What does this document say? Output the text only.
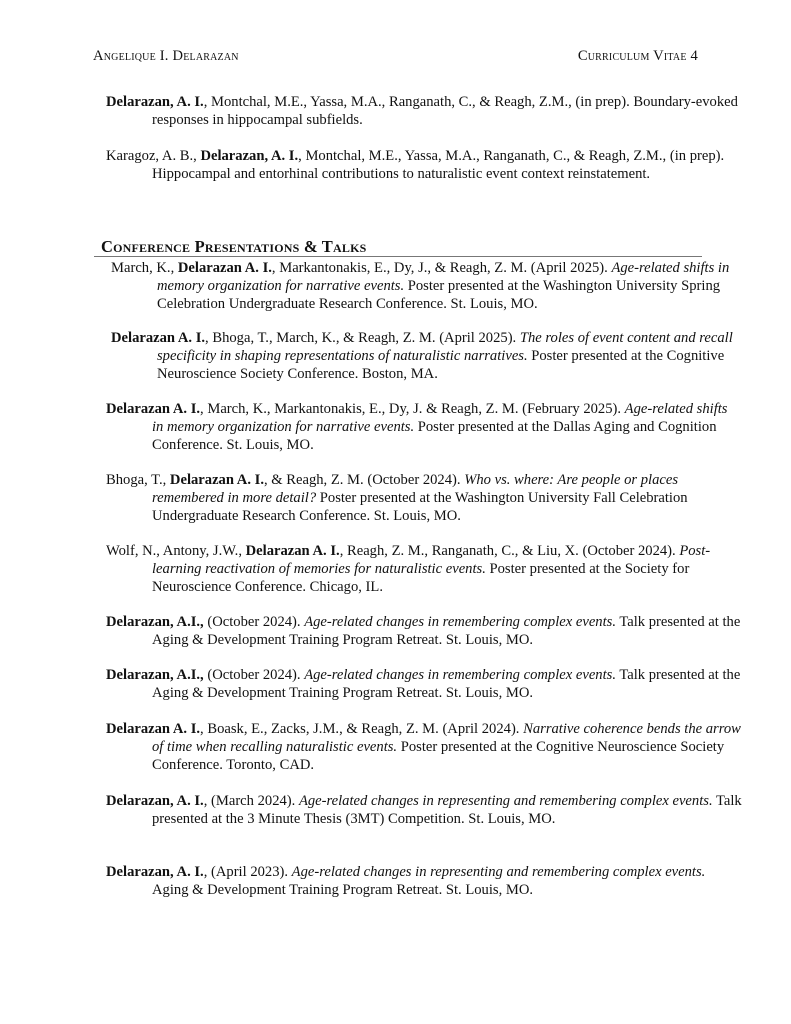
Angelique I. Delarazan	Curriculum Vitae 4

Delarazan, A. I., Montchal, M.E., Yassa, M.A., Ranganath, C., & Reagh, Z.M., (in prep). Boundary-evoked responses in hippocampal subfields.

Karagoz, A. B., Delarazan, A. I., Montchal, M.E., Yassa, M.A., Ranganath, C., & Reagh, Z.M., (in prep). Hippocampal and entorhinal contributions to naturalistic event context reinstatement.

Conference Presentations & Talks

March, K., Delarazan A. I., Markantonakis, E., Dy, J., & Reagh, Z. M. (April 2025). Age-related shifts in memory organization for narrative events. Poster presented at the Washington University Spring Celebration Undergraduate Research Conference. St. Louis, MO.

Delarazan A. I., Bhoga, T., March, K., & Reagh, Z. M. (April 2025). The roles of event content and recall specificity in shaping representations of naturalistic narratives. Poster presented at the Cognitive Neuroscience Society Conference. Boston, MA.

Delarazan A. I., March, K., Markantonakis, E., Dy, J. & Reagh, Z. M. (February 2025). Age-related shifts in memory organization for narrative events. Poster presented at the Dallas Aging and Cognition Conference. St. Louis, MO.

Bhoga, T., Delarazan A. I., & Reagh, Z. M. (October 2024). Who vs. where: Are people or places remembered in more detail? Poster presented at the Washington University Fall Celebration Undergraduate Research Conference. St. Louis, MO.

Wolf, N., Antony, J.W., Delarazan A. I., Reagh, Z. M., Ranganath, C., & Liu, X. (October 2024). Post-learning reactivation of memories for naturalistic events. Poster presented at the Society for Neuroscience Conference. Chicago, IL.

Delarazan, A.I., (October 2024). Age-related changes in remembering complex events. Talk presented at the Aging & Development Training Program Retreat. St. Louis, MO.

Delarazan, A.I., (October 2024). Age-related changes in remembering complex events. Talk presented at the Aging & Development Training Program Retreat. St. Louis, MO.

Delarazan A. I., Boask, E., Zacks, J.M., & Reagh, Z. M. (April 2024). Narrative coherence bends the arrow of time when recalling naturalistic events. Poster presented at the Cognitive Neuroscience Society Conference. Toronto, CAD.

Delarazan, A. I., (March 2024). Age-related changes in representing and remembering complex events. Talk presented at the 3 Minute Thesis (3MT) Competition. St. Louis, MO.

Delarazan, A. I., (April 2023). Age-related changes in representing and remembering complex events. Aging & Development Training Program Retreat. St. Louis, MO.
